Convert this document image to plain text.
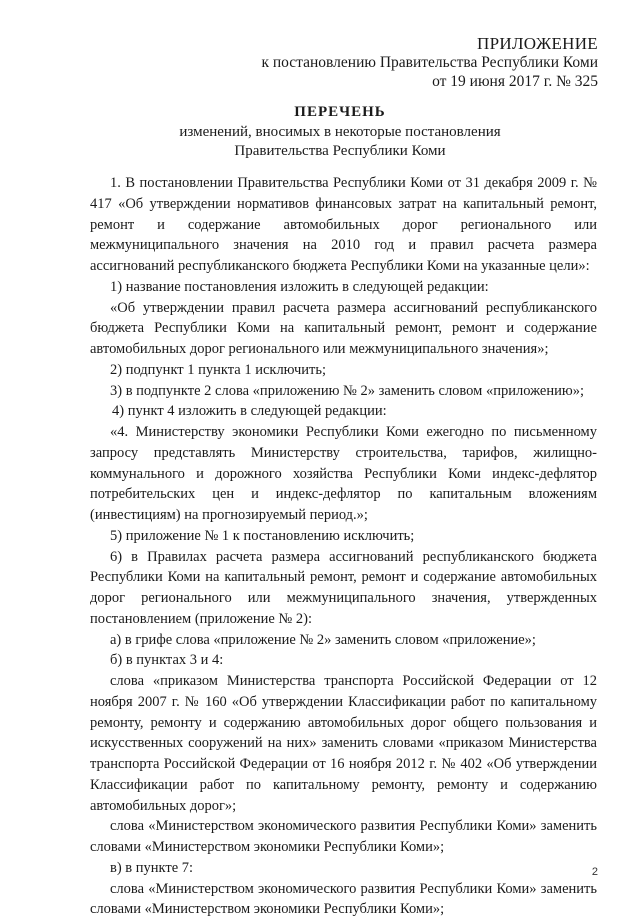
ПРИЛОЖЕНИЕ
к постановлению Правительства Республики Коми
от 19 июня 2017 г. № 325
ПЕРЕЧЕНЬ
изменений, вносимых в некоторые постановления
Правительства Республики Коми

1. В постановлении Правительства Республики Коми от 31 декабря 2009 г. № 417 «Об утверждении нормативов финансовых затрат на капитальный ремонт, ремонт и содержание автомобильных дорог регионального или межмуниципального значения на 2010 год и правил расчета размера ассигнований республиканского бюджета Республики Коми на указанные цели»:

1) название постановления изложить в следующей редакции:

«Об утверждении правил расчета размера ассигнований республиканского бюджета Республики Коми на капитальный ремонт, ремонт и содержание автомобильных дорог регионального или межмуниципального значения»;

2) подпункт 1 пункта 1 исключить;

3) в подпункте 2 слова «приложению № 2» заменить словом «приложению»;

4) пункт 4 изложить в следующей редакции:

«4. Министерству экономики Республики Коми ежегодно по письменному запросу представлять Министерству строительства, тарифов, жилищно-коммунального и дорожного хозяйства Республики Коми индекс-дефлятор потребительских цен и индекс-дефлятор по капитальным вложениям (инвестициям) на прогнозируемый период.»;

5) приложение № 1 к постановлению исключить;

6) в Правилах расчета размера ассигнований республиканского бюджета Республики Коми на капитальный ремонт, ремонт и содержание автомобильных дорог регионального или межмуниципального значения, утвержденных постановлением (приложение № 2):

а) в грифе слова «приложение № 2» заменить словом «приложение»;

б) в пунктах 3 и 4:

слова «приказом Министерства транспорта Российской Федерации от 12 ноября 2007 г. № 160 «Об утверждении Классификации работ по капитальному ремонту, ремонту и содержанию автомобильных дорог общего пользования и искусственных сооружений на них» заменить словами «приказом Министерства транспорта Российской Федерации от 16 ноября 2012 г. № 402 «Об утверждении Классификации работ по капитальному ремонту, ремонту и содержанию автомобильных дорог»;

слова «Министерством экономического развития Республики Коми» заменить словами «Министерством экономики Республики Коми»;

в) в пункте 7:

слова «Министерством экономического развития Республики Коми» заменить словами «Министерством экономики Республики Коми»;

2
